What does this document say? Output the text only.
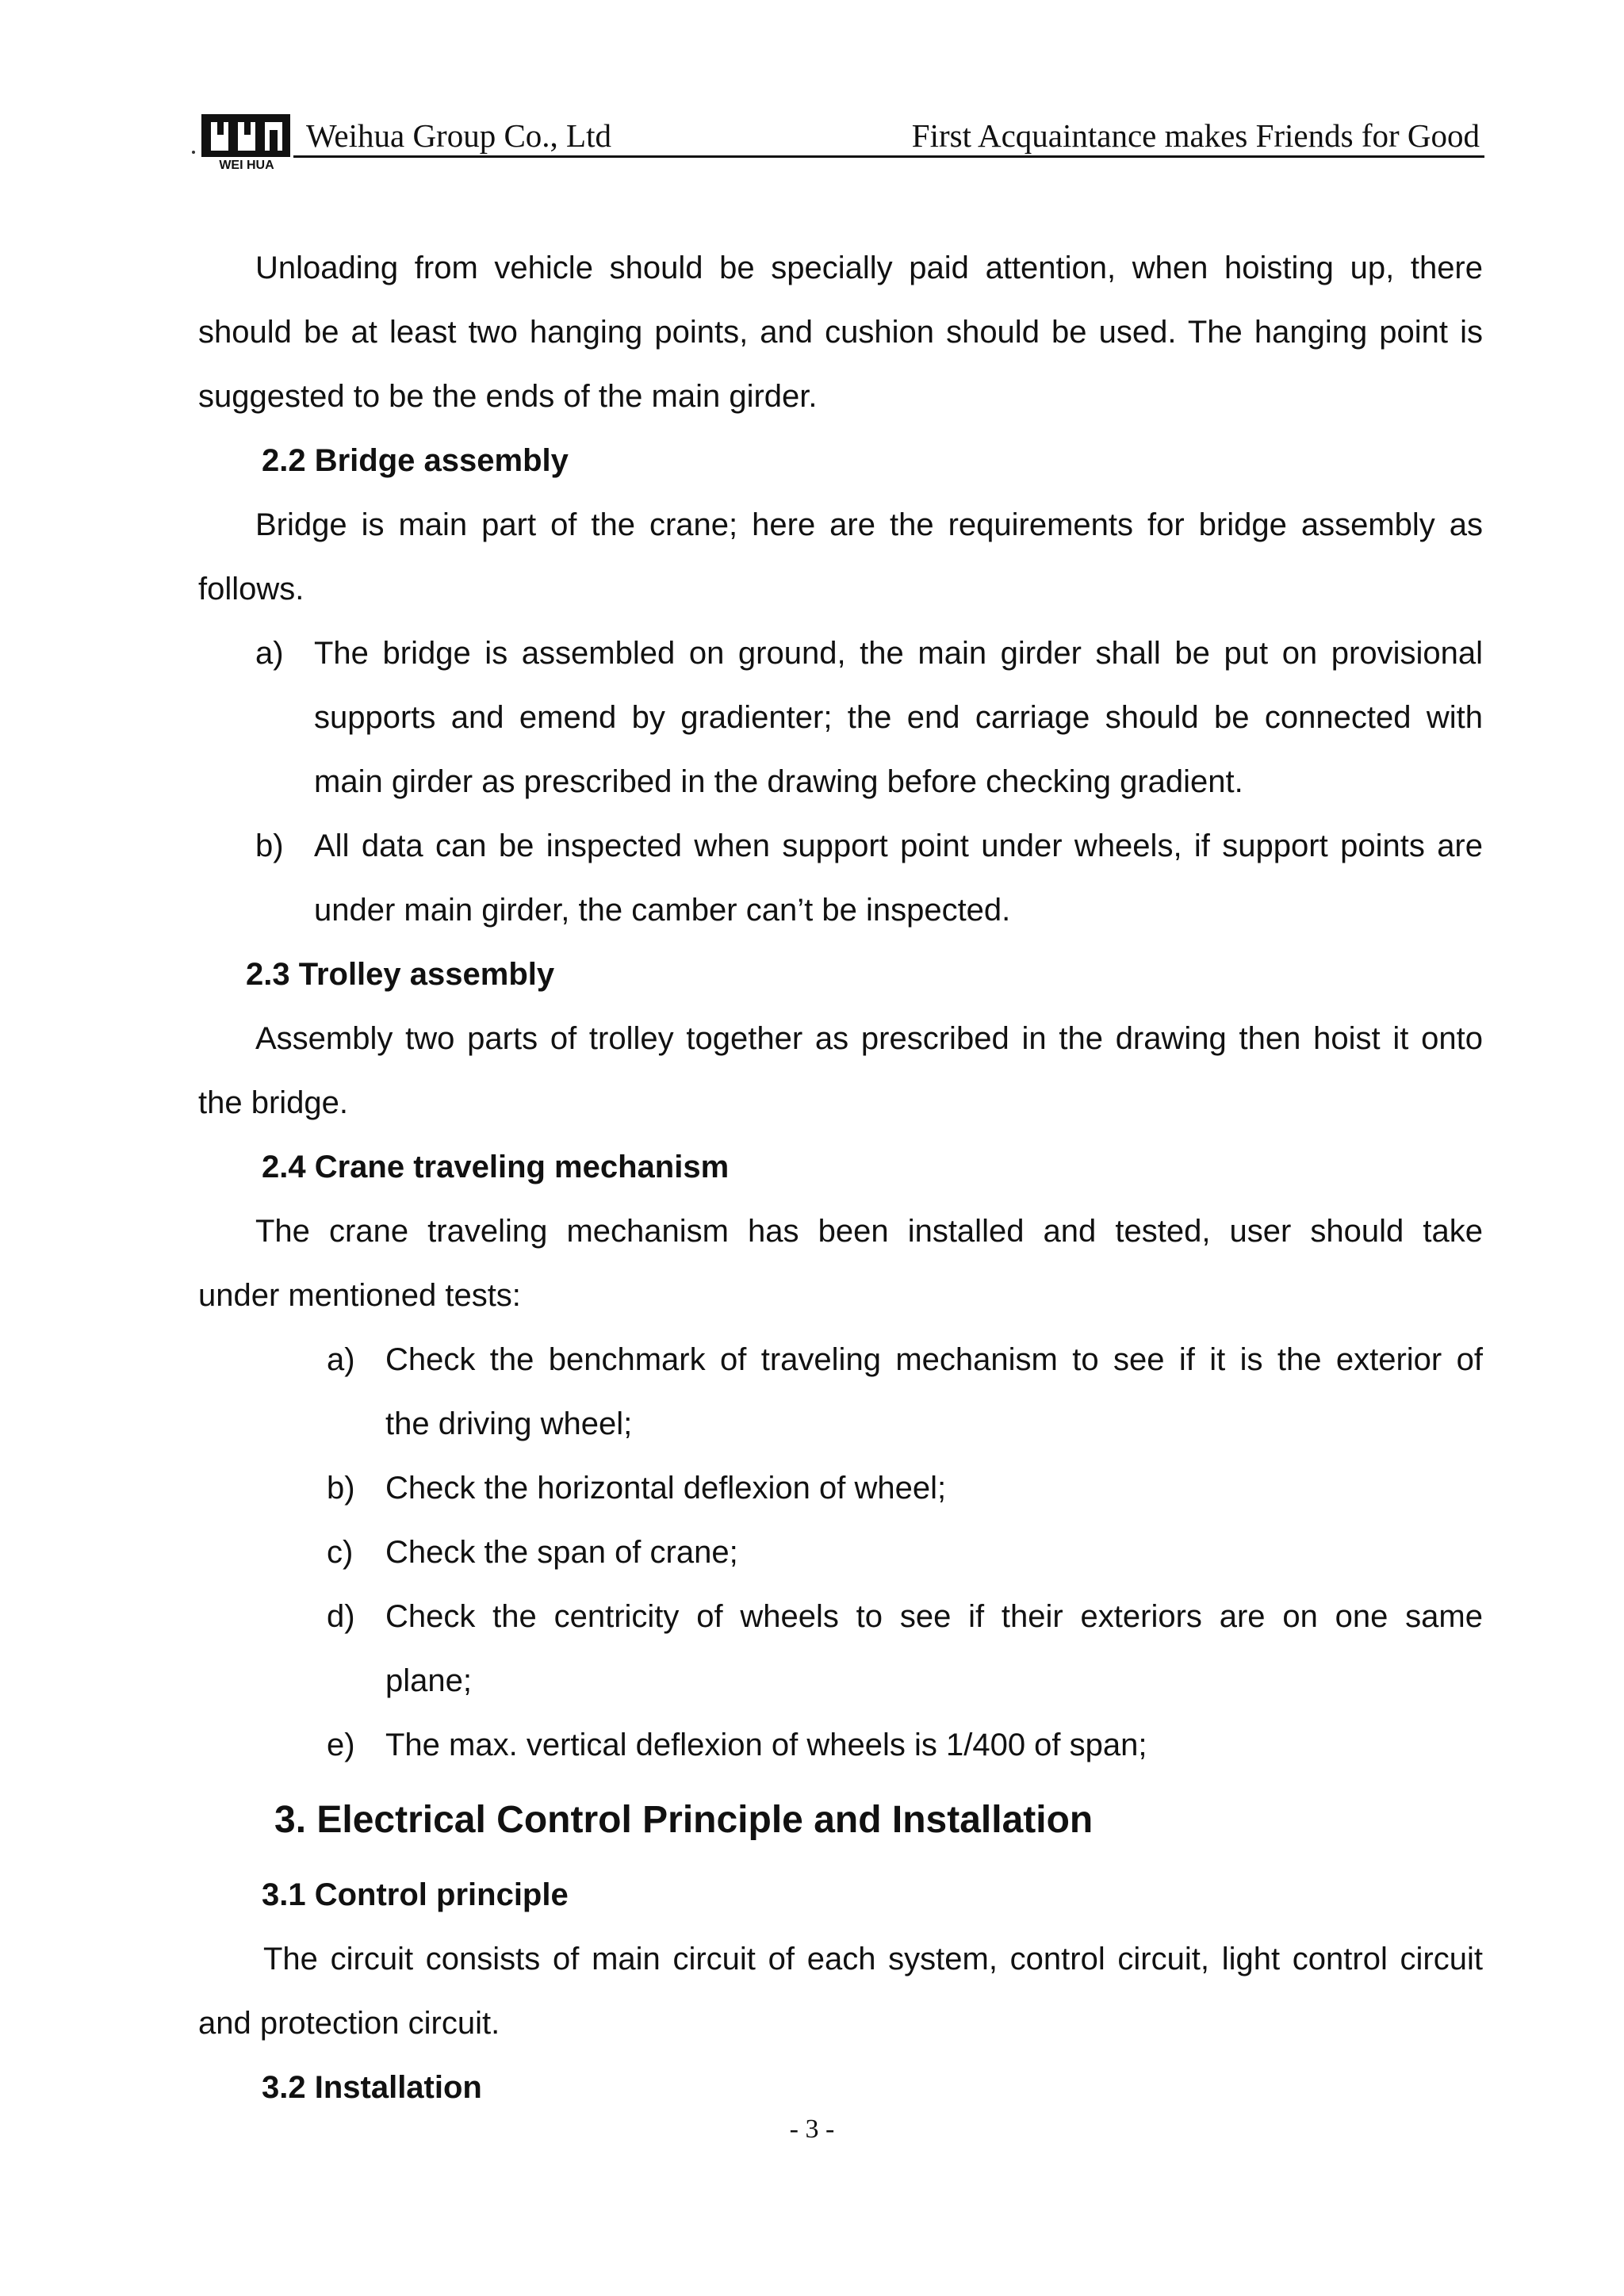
WEI HUA
Weihua Group Co., Ltd	First Acquaintance makes Friends for Good
Unloading from vehicle should be specially paid attention, when hoisting up, there
should be at least two hanging points, and cushion should be used. The hanging point is
suggested to be the ends of the main girder.
2.2 Bridge assembly
Bridge is main part of the crane; here are the requirements for bridge assembly as
follows.
a) The bridge is assembled on ground, the main girder shall be put on provisional
supports and emend by gradienter; the end carriage should be connected with
main girder as prescribed in the drawing before checking gradient.
b) All data can be inspected when support point under wheels, if support points are
under main girder, the camber can’t be inspected.
2.3 Trolley assembly
Assembly two parts of trolley together as prescribed in the drawing then hoist it onto
the bridge.
2.4 Crane traveling mechanism
The crane traveling mechanism has been installed and tested, user should take
under mentioned tests:
a) Check the benchmark of traveling mechanism to see if it is the exterior of
the driving wheel;
b) Check the horizontal deflexion of wheel;
c) Check the span of crane;
d) Check the centricity of wheels to see if their exteriors are on one same
plane;
e) The max. vertical deflexion of wheels is 1/400 of span;
3. Electrical Control Principle and Installation
3.1 Control principle
The circuit consists of main circuit of each system, control circuit, light control circuit
and protection circuit.
3.2 Installation
- 3 -
